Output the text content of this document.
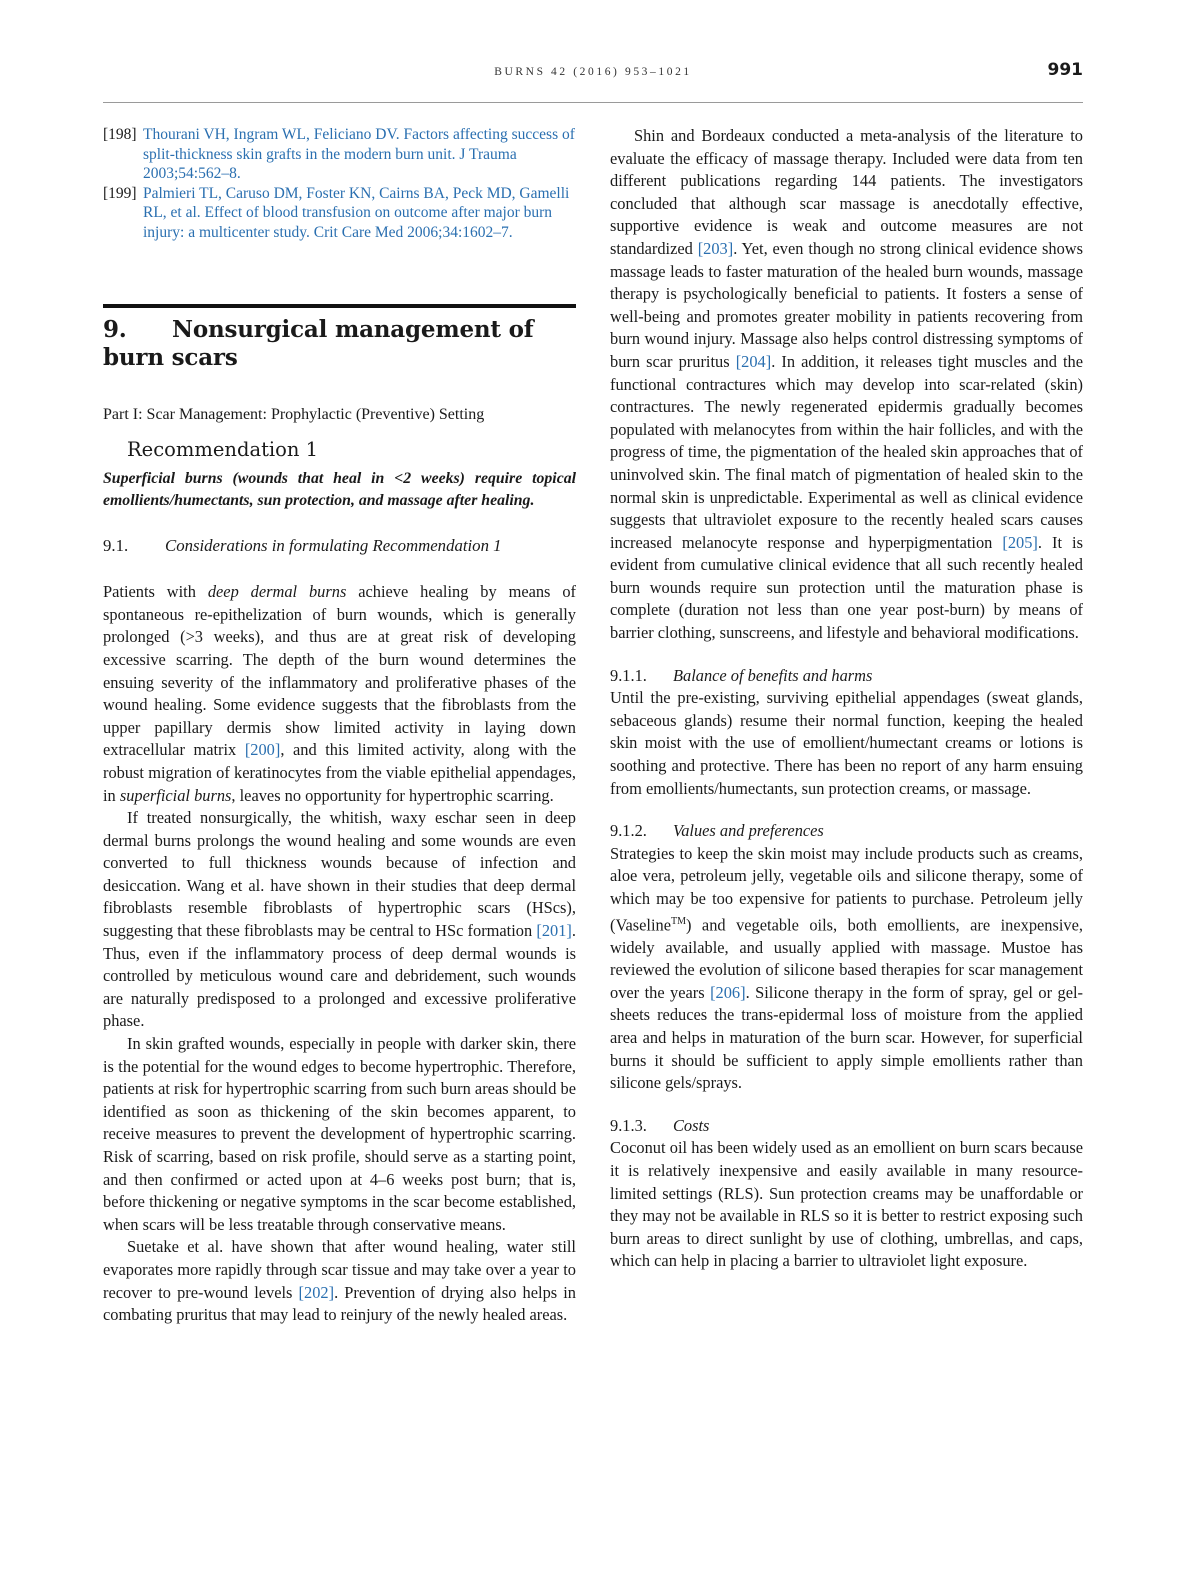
BURNS 42 (2016) 953–1021	991
[198] Thourani VH, Ingram WL, Feliciano DV. Factors affecting success of split-thickness skin grafts in the modern burn unit. J Trauma 2003;54:562–8.
[199] Palmieri TL, Caruso DM, Foster KN, Cairns BA, Peck MD, Gamelli RL, et al. Effect of blood transfusion on outcome after major burn injury: a multicenter study. Crit Care Med 2006;34:1602–7.
9. Nonsurgical management of burn scars
Part I: Scar Management: Prophylactic (Preventive) Setting
Recommendation 1
Superficial burns (wounds that heal in <2 weeks) require topical emollients/humectants, sun protection, and massage after healing.
9.1. Considerations in formulating Recommendation 1

Patients with deep dermal burns achieve healing by means of spontaneous re-epithelization of burn wounds, which is generally prolonged (>3 weeks), and thus are at great risk of developing excessive scarring. The depth of the burn wound determines the ensuing severity of the inflammatory and proliferative phases of the wound healing. Some evidence suggests that the fibroblasts from the upper papillary dermis show limited activity in laying down extracellular matrix [200], and this limited activity, along with the robust migration of keratinocytes from the viable epithelial appendages, in superficial burns, leaves no opportunity for hypertrophic scarring.

If treated nonsurgically, the whitish, waxy eschar seen in deep dermal burns prolongs the wound healing and some wounds are even converted to full thickness wounds because of infection and desiccation. Wang et al. have shown in their studies that deep dermal fibroblasts resemble fibroblasts of hypertrophic scars (HScs), suggesting that these fibroblasts may be central to HSc formation [201]. Thus, even if the inflammatory process of deep dermal wounds is controlled by meticulous wound care and debridement, such wounds are naturally predisposed to a prolonged and excessive proliferative phase.

In skin grafted wounds, especially in people with darker skin, there is the potential for the wound edges to become hypertrophic. Therefore, patients at risk for hypertrophic scarring from such burn areas should be identified as soon as thickening of the skin becomes apparent, to receive measures to prevent the development of hypertrophic scarring. Risk of scarring, based on risk profile, should serve as a starting point, and then confirmed or acted upon at 4–6 weeks post burn; that is, before thickening or negative symptoms in the scar become established, when scars will be less treatable through conservative means.

Suetake et al. have shown that after wound healing, water still evaporates more rapidly through scar tissue and may take over a year to recover to pre-wound levels [202]. Prevention of drying also helps in combating pruritus that may lead to reinjury of the newly healed areas.

Shin and Bordeaux conducted a meta-analysis of the literature to evaluate the efficacy of massage therapy. Included were data from ten different publications regarding 144 patients. The investigators concluded that although scar massage is anecdotally effective, supportive evidence is weak and outcome measures are not standardized [203]. Yet, even though no strong clinical evidence shows massage leads to faster maturation of the healed burn wounds, massage therapy is psychologically beneficial to patients. It fosters a sense of well-being and promotes greater mobility in patients recovering from burn wound injury. Massage also helps control distressing symptoms of burn scar pruritus [204]. In addition, it releases tight muscles and the functional contractures which may develop into scar-related (skin) contractures. The newly regenerated epidermis gradually becomes populated with melanocytes from within the hair follicles, and with the progress of time, the pigmentation of the healed skin approaches that of uninvolved skin. The final match of pigmentation of healed skin to the normal skin is unpredictable. Experimental as well as clinical evidence suggests that ultraviolet exposure to the recently healed scars causes increased melanocyte response and hyperpigmentation [205]. It is evident from cumulative clinical evidence that all such recently healed burn wounds require sun protection until the maturation phase is complete (duration not less than one year post-burn) by means of barrier clothing, sunscreens, and lifestyle and behavioral modifications.

9.1.1. Balance of benefits and harms

Until the pre-existing, surviving epithelial appendages (sweat glands, sebaceous glands) resume their normal function, keeping the healed skin moist with the use of emollient/humectant creams or lotions is soothing and protective. There has been no report of any harm ensuing from emollients/humectants, sun protection creams, or massage.

9.1.2. Values and preferences

Strategies to keep the skin moist may include products such as creams, aloe vera, petroleum jelly, vegetable oils and silicone therapy, some of which may be too expensive for patients to purchase. Petroleum jelly (Vaseline™) and vegetable oils, both emollients, are inexpensive, widely available, and usually applied with massage. Mustoe has reviewed the evolution of silicone based therapies for scar management over the years [206]. Silicone therapy in the form of spray, gel or gel-sheets reduces the trans-epidermal loss of moisture from the applied area and helps in maturation of the burn scar. However, for superficial burns it should be sufficient to apply simple emollients rather than silicone gels/sprays.

9.1.3. Costs

Coconut oil has been widely used as an emollient on burn scars because it is relatively inexpensive and easily available in many resource-limited settings (RLS). Sun protection creams may be unaffordable or they may not be available in RLS so it is better to restrict exposing such burn areas to direct sunlight by use of clothing, umbrellas, and caps, which can help in placing a barrier to ultraviolet light exposure.
